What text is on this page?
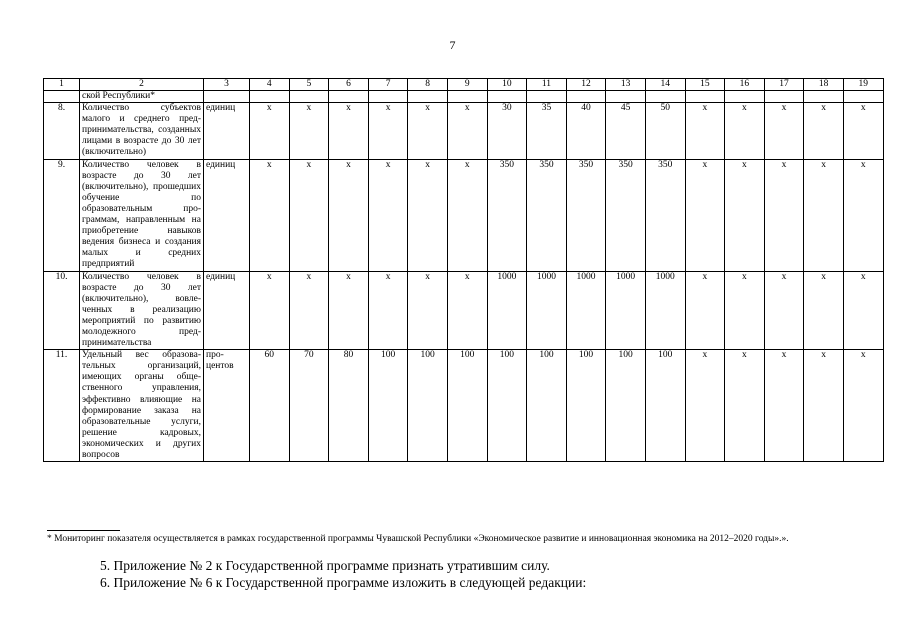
7
1	2	3	4	5	6	7	8	9	10	11	12	13	14	15	16	17	18	19
	ской Республики*																	
8.	Количество субъектов малого и среднего предпринимательства, созданных лицами в возрасте до 30 лет (включительно)	единиц	x	x	x	x	x	x	30	35	40	45	50	x	x	x	x	x
9.	Количество человек в возрасте до 30 лет (включительно), прошедших обучение по образовательным программам, направленным на приобретение навыков ведения бизнеса и создания малых и средних предприятий	единиц	x	x	x	x	x	x	350	350	350	350	350	x	x	x	x	x
10.	Количество человек в возрасте до 30 лет (включительно), вовлеченных в реализацию мероприятий по развитию молодежного предпринимательства	единиц	x	x	x	x	x	x	1000	1000	1000	1000	1000	x	x	x	x	x
11.	Удельный вес образовательных организаций, имеющих органы общественного управления, эффективно влияющие на формирование заказа на образовательные услуги, решение кадровых, экономических и других вопросов	процентов	60	70	80	100	100	100	100	100	100	100	100	x	x	x	x	x
* Мониторинг показателя осуществляется в рамках государственной программы Чувашской Республики «Экономическое развитие и инновационная экономика на 2012–2020 годы».».
5. Приложение № 2 к Государственной программе признать утратившим силу.
6. Приложение № 6 к Государственной программе изложить в следующей редакции:
